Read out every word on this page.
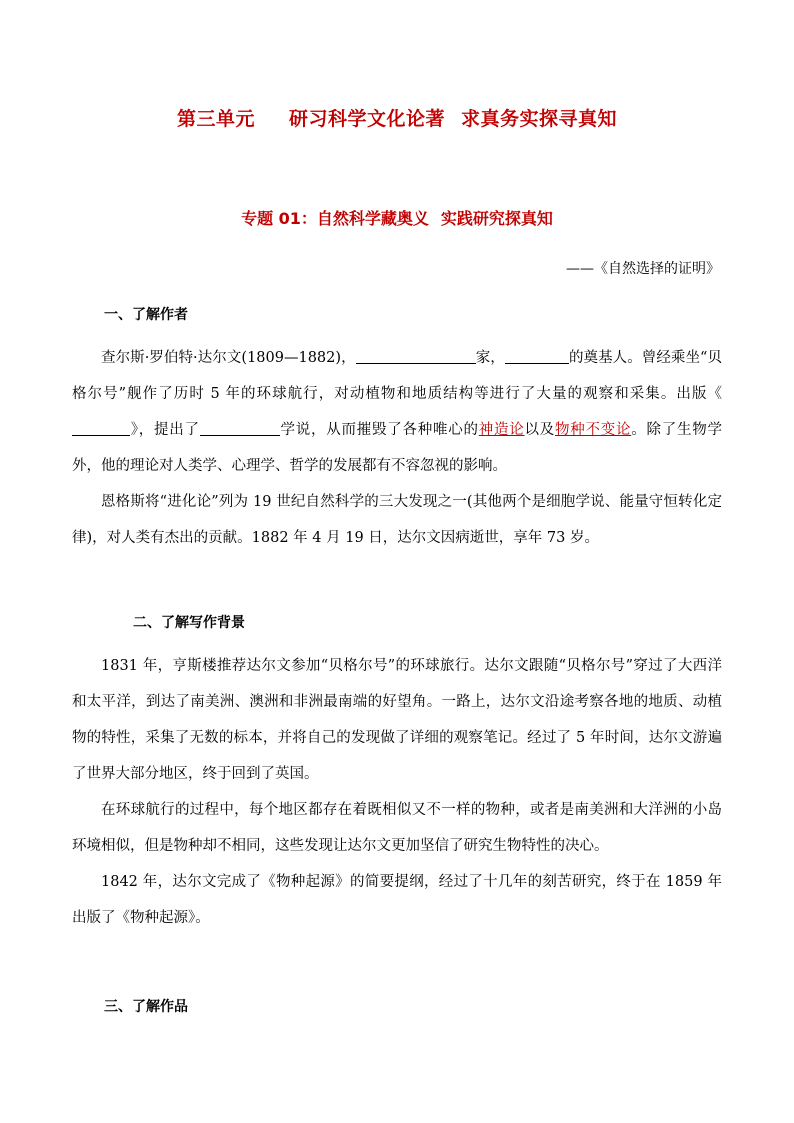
第三单元 研习科学文化论著 求真务实探寻真知
专题 01：自然科学藏奥义 实践研究探真知
——《自然选择的证明》
一、了解作者

查尔斯·罗伯特·达尔文(1809—1882)，	家，	的奠基人。曾经乘坐“贝格尔号”舰作了历时 5 年的环球航行，对动植物和地质结构等进行了大量的观察和采集。出版《》，提出了	学说，从而摧毁了各种唯心的神造论以及物种不变论。除了生物学外，他的理论对人类学、心理学、哲学的发展都有不容忽视的影响。

恩格斯将“进化论”列为 19 世纪自然科学的三大发现之一(其他两个是细胞学说、能量守恒转化定律)，对人类有杰出的贡献。1882 年 4 月 19 日，达尔文因病逝世，享年 73 岁。

二、了解写作背景

1831 年，亨斯楼推荐达尔文参加“贝格尔号”的环球旅行。达尔文跟随“贝格尔号”穿过了大西洋和太平洋，到达了南美洲、澳洲和非洲最南端的好望角。一路上，达尔文沿途考察各地的地质、动植物的特性，采集了无数的标本，并将自己的发现做了详细的观察笔记。经过了 5 年时间，达尔文游遍了世界大部分地区，终于回到了英国。

在环球航行的过程中，每个地区都存在着既相似又不一样的物种，或者是南美洲和大洋洲的小岛环境相似，但是物种却不相同，这些发现让达尔文更加坚信了研究生物特性的决心。

1842 年，达尔文完成了《物种起源》的简要提纲，经过了十几年的刻苦研究，终于在 1859 年出版了《物种起源》。

三、了解作品
